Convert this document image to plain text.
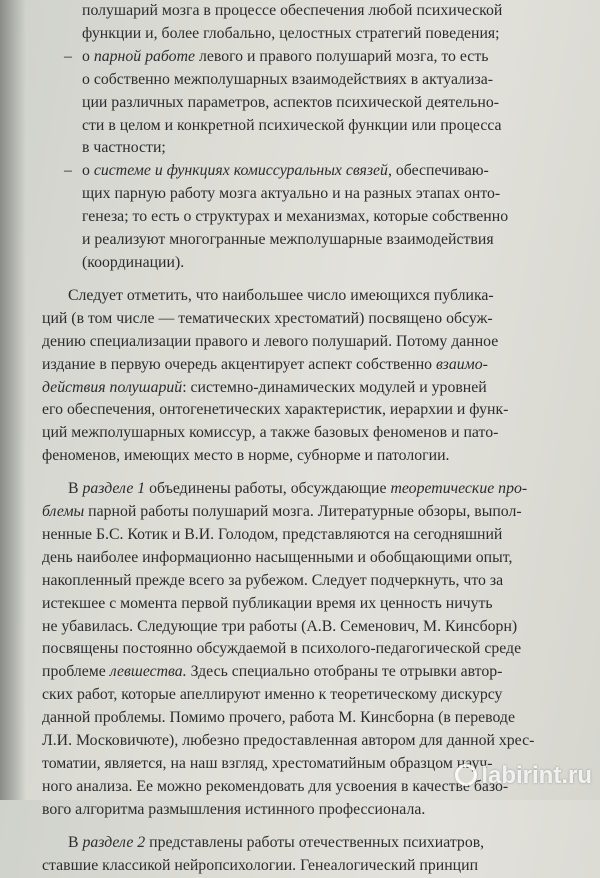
полушарий мозга в процессе обеспечения любой психической
функции и, более глобально, целостных стратегий поведения;
– о парной работе левого и правого полушарий мозга, то есть
о собственно межполушарных взаимодействиях в актуализа-
ции различных параметров, аспектов психической деятельно-
сти в целом и конкретной психической функции или процесса
в частности;
– о системе и функциях комиссуральных связей, обеспечиваю-
щих парную работу мозга актуально и на разных этапах онто-
генеза; то есть о структурах и механизмах, которые собственно
и реализуют многогранные межполушарные взаимодействия
(координации).
Следует отметить, что наибольшее число имеющихся публика-
ций (в том числе — тематических хрестоматий) посвящено обсуж-
дению специализации правого и левого полушарий. Потому данное
издание в первую очередь акцентирует аспект собственно взаимо-
действия полушарий: системно-динамических модулей и уровней
его обеспечения, онтогенетических характеристик, иерархии и функ-
ций межполушарных комиссур, а также базовых феноменов и пато-
феноменов, имеющих место в норме, субнорме и патологии.
В разделе 1 объединены работы, обсуждающие теоретические про-
блемы парной работы полушарий мозга. Литературные обзоры, выпол-
ненные Б.С. Котик и В.И. Голодом, представляются на сегодняшний
день наиболее информационно насыщенными и обобщающими опыт,
накопленный прежде всего за рубежом. Следует подчеркнуть, что за
истекшее с момента первой публикации время их ценность ничуть
не убавилась. Следующие три работы (А.В. Семенович, М. Кинсборн)
посвящены постоянно обсуждаемой в психолого-педагогической среде
проблеме левшества. Здесь специально отобраны те отрывки автор-
ских работ, которые апеллируют именно к теоретическому дискурсу
данной проблемы. Помимо прочего, работа М. Кинсборна (в переводе
Л.И. Московичюте), любезно предоставленная автором для данной хрес-
томатии, является, на наш взгляд, хрестоматийным образцом науч-
ного анализа. Ее можно рекомендовать для усвоения в качестве базо-
вого алгоритма размышления истинного профессионала.
В разделе 2 представлены работы отечественных психиатров,
ставшие классикой нейропсихологии. Генеалогический принцип
labirint.ru
